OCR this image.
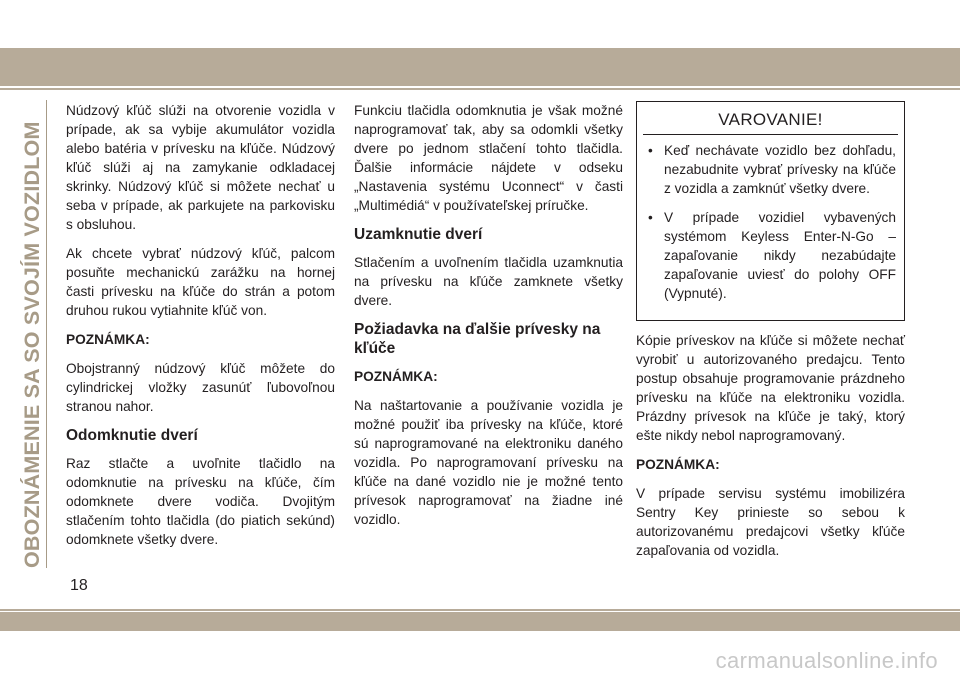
OBOZNÁMENIE SA SO SVOJÍM VOZIDLOM

Núdzový kľúč slúži na otvorenie vozidla v prípade, ak sa vybije akumulátor vozidla alebo batéria v prívesku na kľúče. Núdzový kľúč slúži aj na zamykanie odkladacej skrinky. Núdzový kľúč si môžete nechať u seba v prípade, ak parkujete na parkovisku s obsluhou.

Ak chcete vybrať núdzový kľúč, palcom posuňte mechanickú zarážku na hornej časti prívesku na kľúče do strán a potom druhou rukou vytiahnite kľúč von.

POZNÁMKA:

Obojstranný núdzový kľúč môžete do cylindrickej vložky zasunúť ľubovoľnou stranou nahor.

Odomknutie dverí

Raz stlačte a uvoľnite tlačidlo na odomknutie na prívesku na kľúče, čím odomknete dvere vodiča. Dvojitým stlačením tohto tlačidla (do piatich sekúnd) odomknete všetky dvere.

Funkciu tlačidla odomknutia je však možné naprogramovať tak, aby sa odomkli všetky dvere po jednom stlačení tohto tlačidla. Ďalšie informácie nájdete v odseku „Nastavenia systému Uconnect“ v časti „Multimédiá“ v používateľskej príručke.

Uzamknutie dverí

Stlačením a uvoľnením tlačidla uzamknutia na prívesku na kľúče zamknete všetky dvere.

Požiadavka na ďalšie prívesky na kľúče

POZNÁMKA:

Na naštartovanie a používanie vozidla je možné použiť iba prívesky na kľúče, ktoré sú naprogramované na elektroniku daného vozidla. Po naprogramovaní prívesku na kľúče na dané vozidlo nie je možné tento prívesok naprogramovať na žiadne iné vozidlo.

VAROVANIE!

• Keď nechávate vozidlo bez dohľadu, nezabudnite vybrať prívesky na kľúče z vozidla a zamknúť všetky dvere.

• V prípade vozidiel vybavených systémom Keyless Enter-N-Go – zapaľovanie nikdy nezabúdajte zapaľovanie uviesť do polohy OFF (Vypnuté).

Kópie príveskov na kľúče si môžete nechať vyrobiť u autorizovaného predajcu. Tento postup obsahuje programovanie prázdneho prívesku na kľúče na elektroniku vozidla. Prázdny prívesok na kľúče je taký, ktorý ešte nikdy nebol naprogramovaný.

POZNÁMKA:

V prípade servisu systému imobilizéra Sentry Key prinieste so sebou k autorizovanému predajcovi všetky kľúče zapaľovania od vozidla.

18
carmanualsonline.info
